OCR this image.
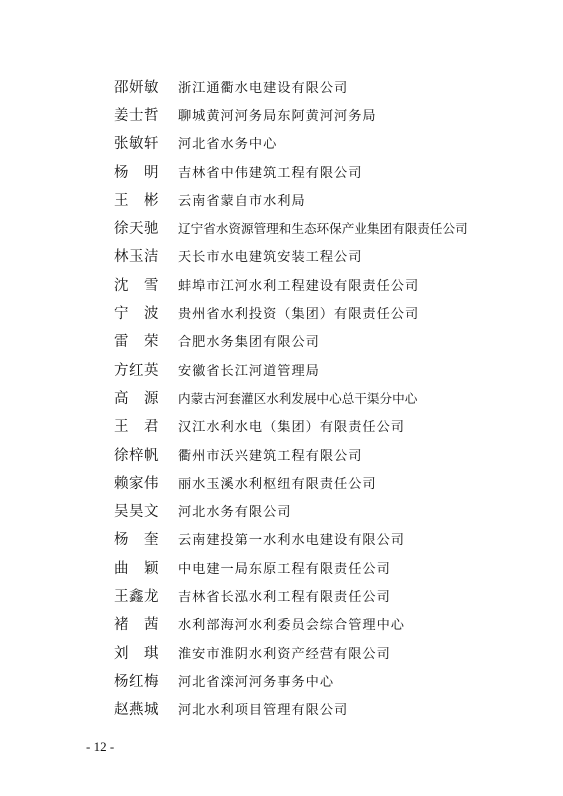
邵妍敏	浙江通衢水电建设有限公司
姜士哲	聊城黄河河务局东阿黄河河务局
张敏轩	河北省水务中心
杨　明	吉林省中伟建筑工程有限公司
王　彬	云南省蒙自市水利局
徐天驰	辽宁省水资源管理和生态环保产业集团有限责任公司
林玉洁	天长市水电建筑安装工程公司
沈　雪	蚌埠市江河水利工程建设有限责任公司
宁　波	贵州省水利投资（集团）有限责任公司
雷　荣	合肥水务集团有限公司
方红英	安徽省长江河道管理局
高　源	内蒙古河套灌区水利发展中心总干渠分中心
王　君	汉江水利水电（集团）有限责任公司
徐梓帆	衢州市沃兴建筑工程有限公司
赖家伟	丽水玉溪水利枢纽有限责任公司
吴昊文	河北水务有限公司
杨　奎	云南建投第一水利水电建设有限公司
曲　颖	中电建一局东原工程有限责任公司
王鑫龙	吉林省长泓水利工程有限责任公司
褚　茜	水利部海河水利委员会综合管理中心
刘　琪	淮安市淮阴水利资产经营有限公司
杨红梅	河北省滦河河务事务中心
赵燕城	河北水利项目管理有限公司
- 12 -
